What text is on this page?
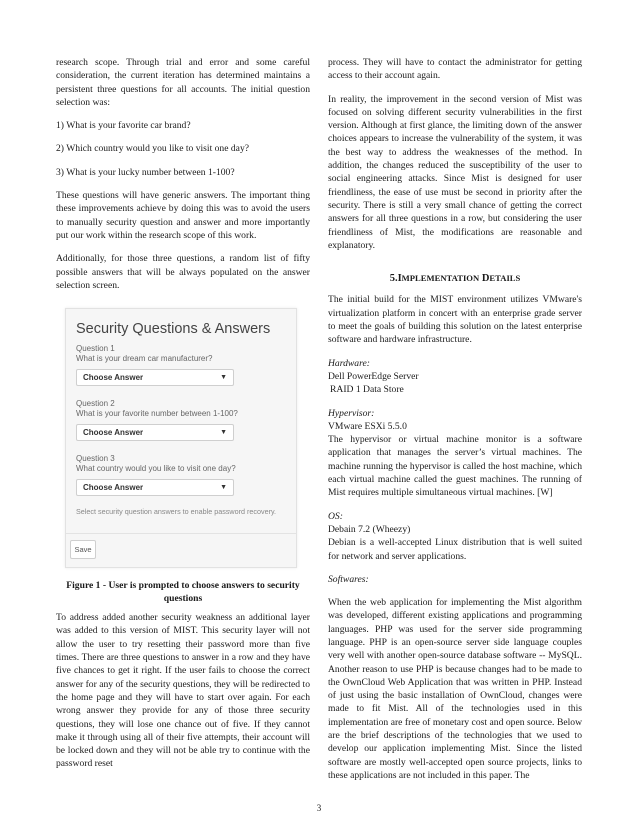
research scope. Through trial and error and some careful consideration, the current iteration has determined maintains a persistent three questions for all accounts. The initial question selection was:

1) What is your favorite car brand?

2) Which country would you like to visit one day?

3) What is your lucky number between 1-100?

These questions will have generic answers. The important thing these improvements achieve by doing this was to avoid the users to manually security question and answer and more importantly put our work within the research scope of this work.

Additionally, for those three questions, a random list of fifty possible answers that will be always populated on the answer selection screen.

Security Questions & Answers
Question 1
What is your dream car manufacturer?
Choose Answer	▼
Question 2
What is your favorite number between 1-100?
Choose Answer	▼
Question 3
What country would you like to visit one day?
Choose Answer	▼
Select security question answers to enable password recovery.
Save
Figure 1 - User is prompted to choose answers to security questions

To address added another security weakness an additional layer was added to this version of MIST. This security layer will not allow the user to try resetting their password more than five times. There are three questions to answer in a row and they have five chances to get it right. If the user fails to choose the correct answer for any of the security questions, they will be redirected to the home page and they will have to start over again. For each wrong answer they provide for any of those three security questions, they will lose one chance out of five. If they cannot make it through using all of their five attempts, their account will be locked down and they will not be able try to continue with the password reset

process. They will have to contact the administrator for getting access to their account again.

In reality, the improvement in the second version of Mist was focused on solving different security vulnerabilities in the first version. Although at first glance, the limiting down of the answer choices appears to increase the vulnerability of the system, it was the best way to address the weaknesses of the method. In addition, the changes reduced the susceptibility of the user to social engineering attacks. Since Mist is designed for user friendliness, the ease of use must be second in priority after the security. There is still a very small chance of getting the correct answers for all three questions in a row, but considering the user friendliness of Mist, the modifications are reasonable and explanatory.

5.IMPLEMENTATION DETAILS

The initial build for the MIST environment utilizes VMware's virtualization platform in concert with an enterprise grade server to meet the goals of building this solution on the latest enterprise software and hardware infrastructure.

Hardware:
Dell PowerEdge Server
RAID 1 Data Store
Hypervisor:
VMware ESXi 5.5.0

The hypervisor or virtual machine monitor is a software application that manages the server’s virtual machines. The machine running the hypervisor is called the host machine, which each virtual machine called the guest machines. The running of Mist requires multiple simultaneous virtual machines. [W]

OS:
Debain 7.2 (Wheezy)

Debian is a well-accepted Linux distribution that is well suited for network and server applications.

Softwares:

When the web application for implementing the Mist algorithm was developed, different existing applications and programming languages. PHP was used for the server side programming language. PHP is an open-source server side language couples very well with another open-source database software -- MySQL. Another reason to use PHP is because changes had to be made to the OwnCloud Web Application that was written in PHP. Instead of just using the basic installation of OwnCloud, changes were made to fit Mist. All of the technologies used in this implementation are free of monetary cost and open source. Below are the brief descriptions of the technologies that we used to develop our application implementing Mist. Since the listed software are mostly well-accepted open source projects, links to these applications are not included in this paper. The

3
